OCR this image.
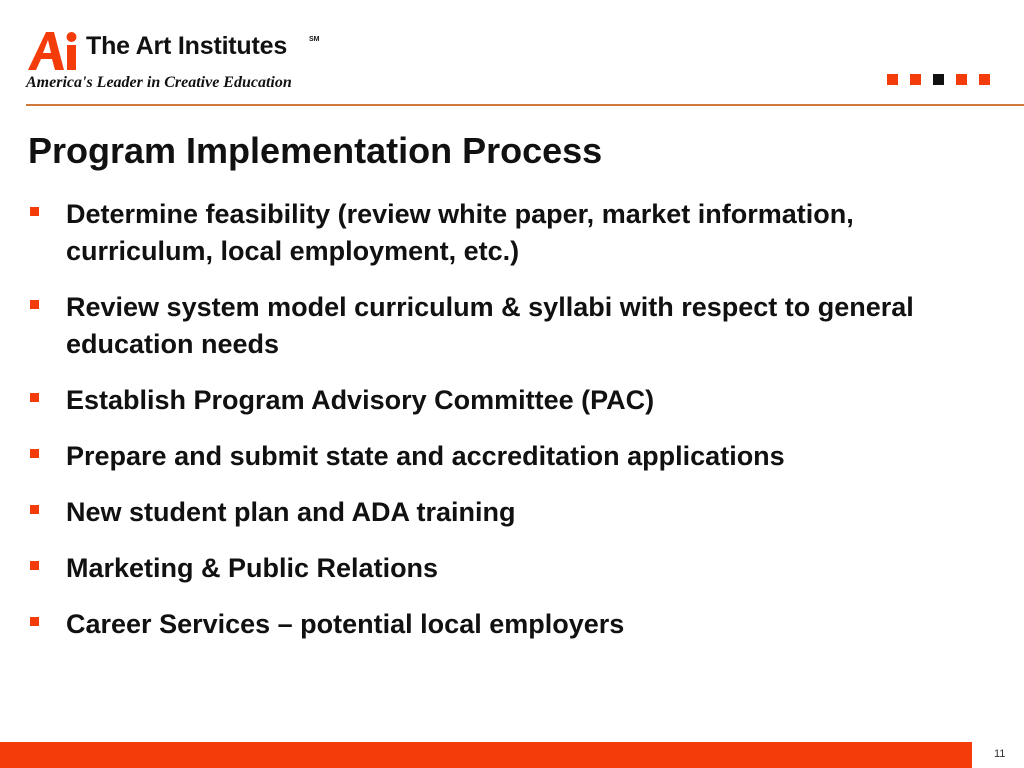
The Art Institutes	SM
America's Leader in Creative Education
Program Implementation Process
Determine feasibility (review white paper, market information, curriculum, local employment, etc.)
Review system model curriculum & syllabi with respect to general education needs
Establish Program Advisory Committee (PAC)
Prepare and submit state and accreditation applications
New student plan and ADA training
Marketing & Public Relations
Career Services – potential local employers
11
